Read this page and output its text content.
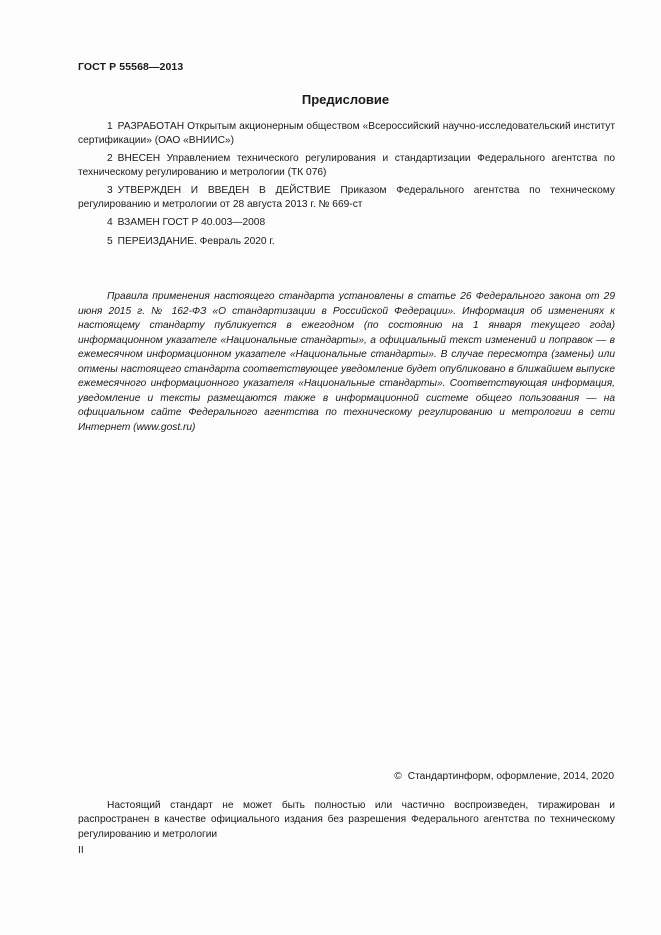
ГОСТ Р 55568—2013
Предисловие

1 РАЗРАБОТАН Открытым акционерным обществом «Всероссийский научно-исследовательский институт сертификации» (ОАО «ВНИИС»)

2 ВНЕСЕН Управлением технического регулирования и стандартизации Федерального агентства по техническому регулированию и метрологии (ТК 076)

3 УТВЕРЖДЕН И ВВЕДЕН В ДЕЙСТВИЕ Приказом Федерального агентства по техническому регулированию и метрологии от 28 августа 2013 г. № 669-ст

4 ВЗАМЕН ГОСТ Р 40.003—2008

5 ПЕРЕИЗДАНИЕ. Февраль 2020 г.

Правила применения настоящего стандарта установлены в статье 26 Федерального закона от 29 июня 2015 г. № 162-ФЗ «О стандартизации в Российской Федерации». Информация об изменениях к настоящему стандарту публикуется в ежегодном (по состоянию на 1 января текущего года) информационном указателе «Национальные стандарты», а официальный текст изменений и поправок — в ежемесячном информационном указателе «Национальные стандарты». В случае пересмотра (замены) или отмены настоящего стандарта соответствующее уведомление будет опубликовано в ближайшем выпуске ежемесячного информационного указателя «Национальные стандарты». Соответствующая информация, уведомление и тексты размещаются также в информационной системе общего пользования — на официальном сайте Федерального агентства по техническому регулированию и метрологии в сети Интернет (www.gost.ru)

© Стандартинформ, оформление, 2014, 2020

Настоящий стандарт не может быть полностью или частично воспроизведен, тиражирован и распространен в качестве официального издания без разрешения Федерального агентства по техническому регулированию и метрологии

II
